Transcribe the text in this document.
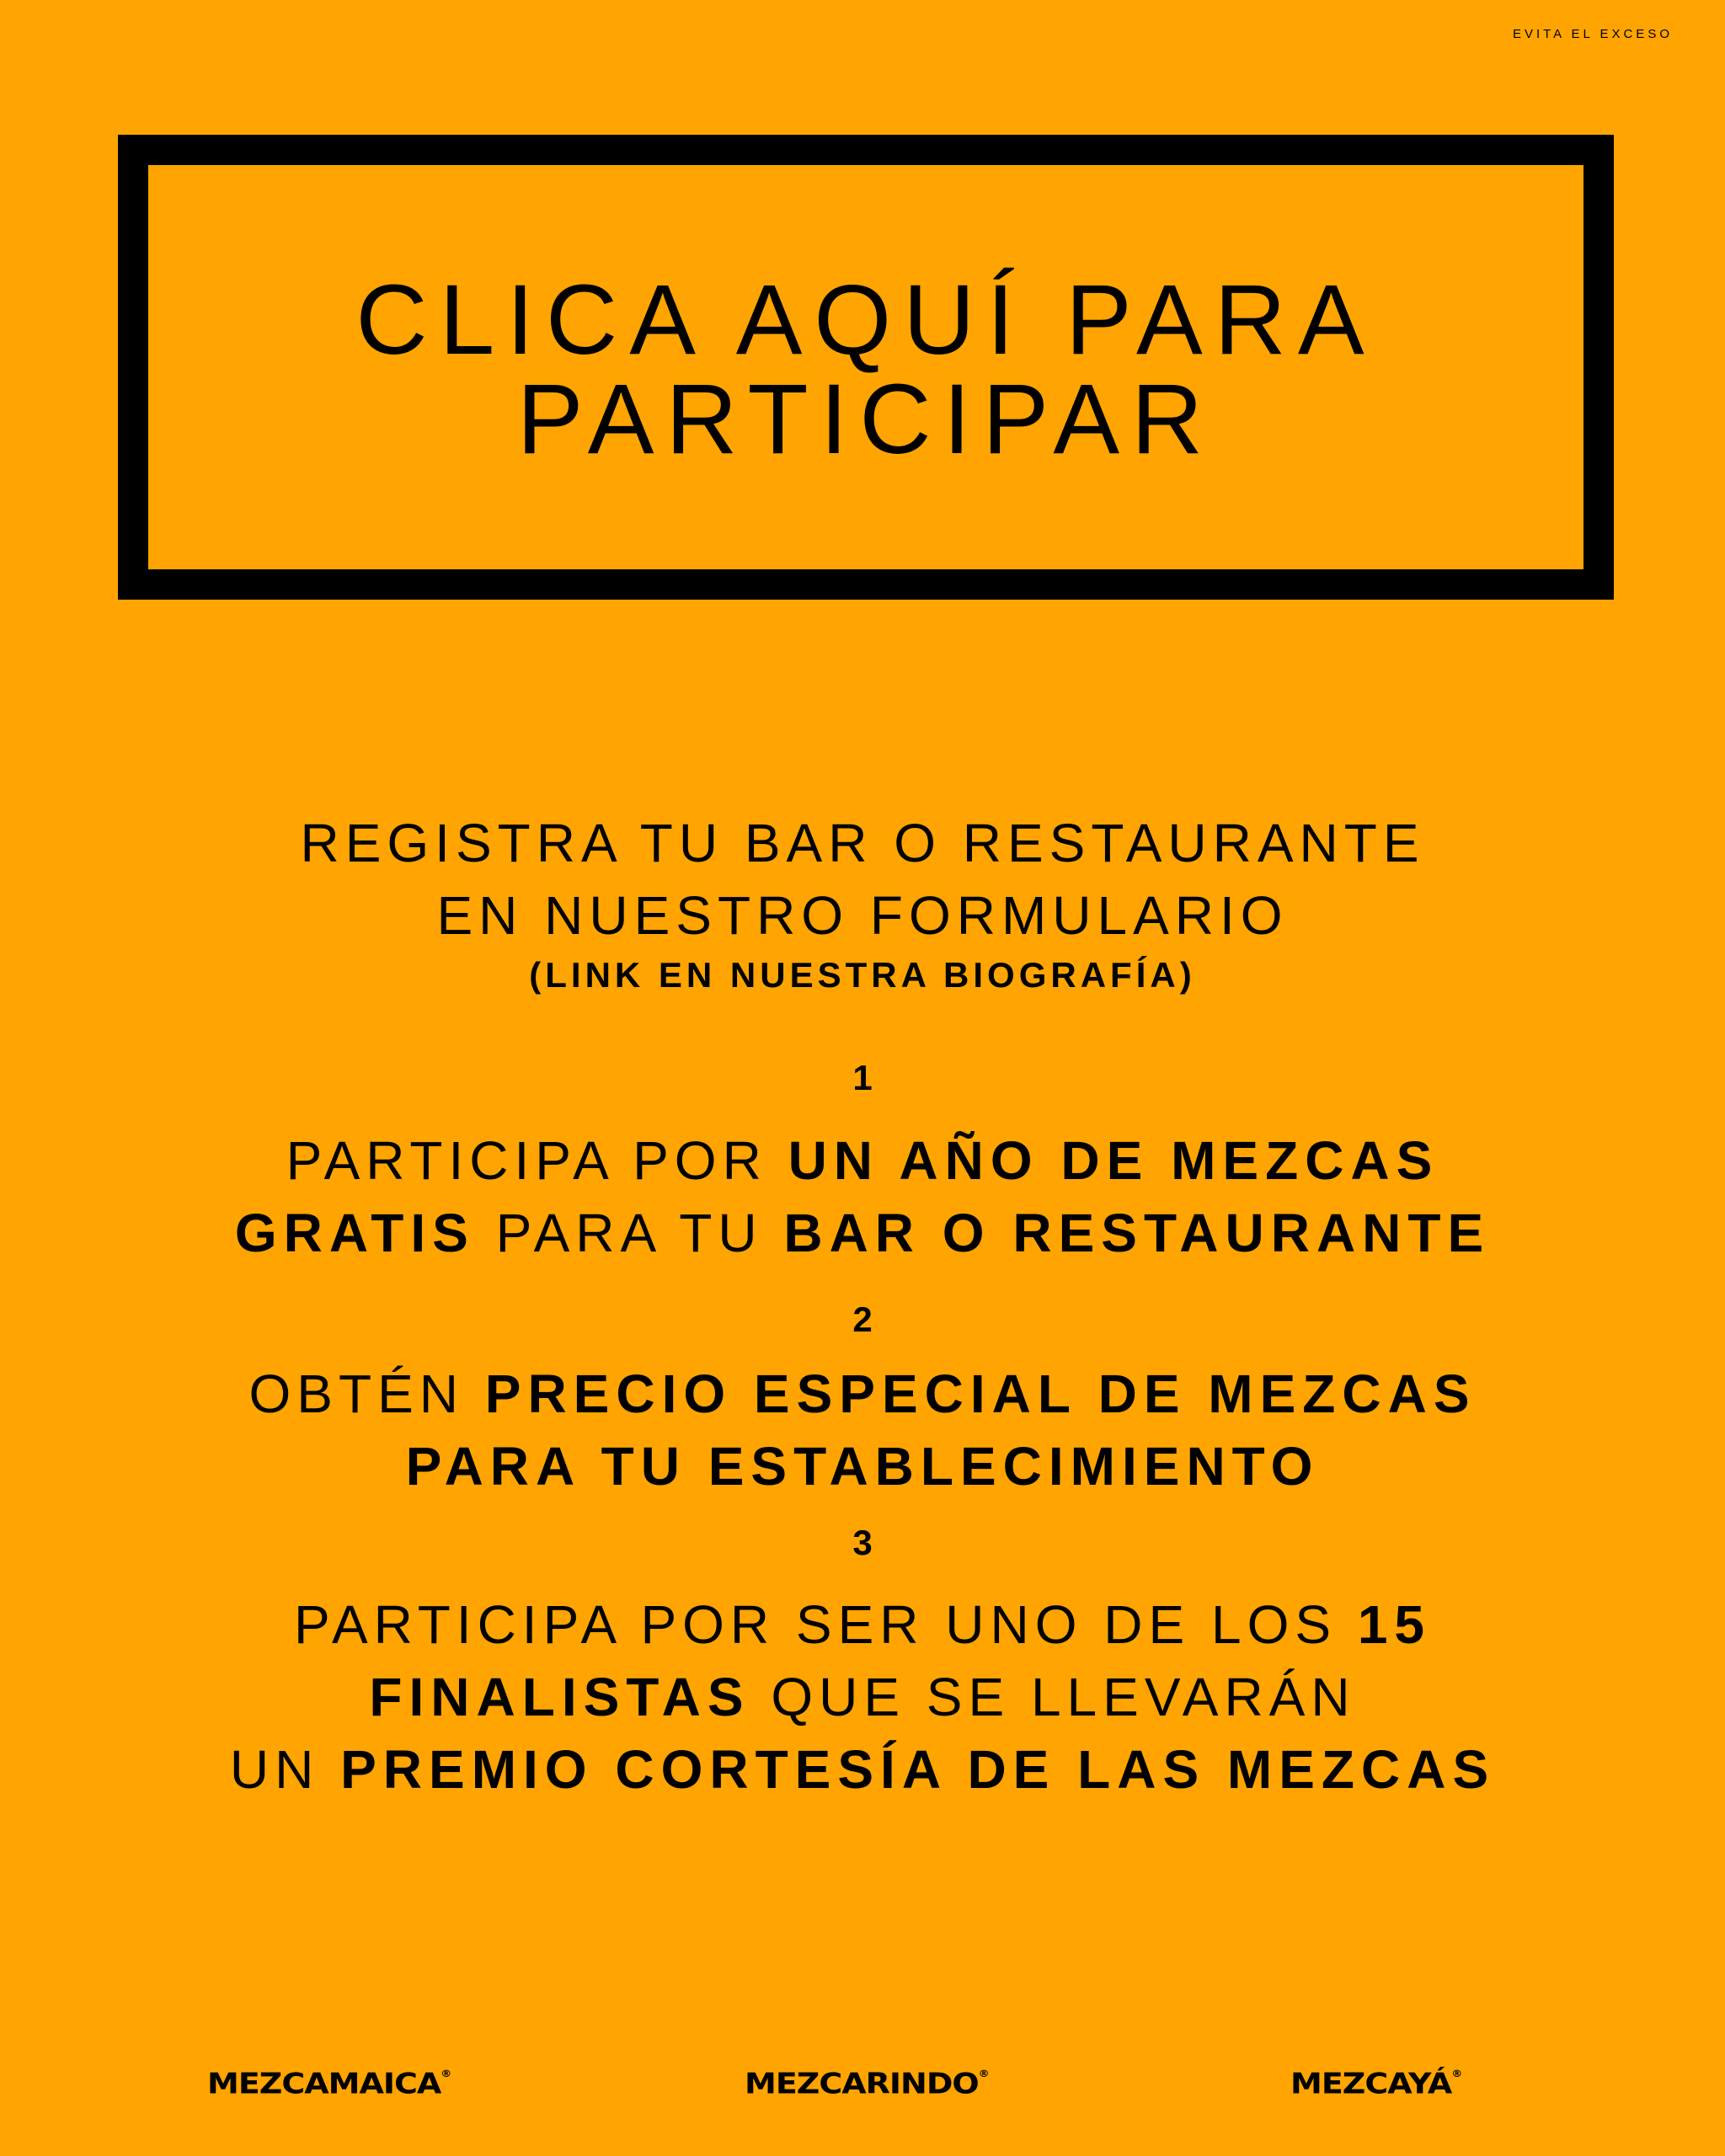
EVITA EL EXCESO
CLICA AQUÍ PARA
PARTICIPAR
REGISTRA TU BAR O RESTAURANTE
EN NUESTRO FORMULARIO
(LINK EN NUESTRA BIOGRAFÍA)
1
PARTICIPA POR UN AÑO DE MEZCAS
GRATIS PARA TU BAR O RESTAURANTE
2
OBTÉN PRECIO ESPECIAL DE MEZCAS
PARA TU ESTABLECIMIENTO
3
PARTICIPA POR SER UNO DE LOS 15
FINALISTAS QUE SE LLEVARÁN
UN PREMIO CORTESÍA DE LAS MEZCAS
MEZCAMAICA®	MEZCARINDO®	MEZCAYÁ®
